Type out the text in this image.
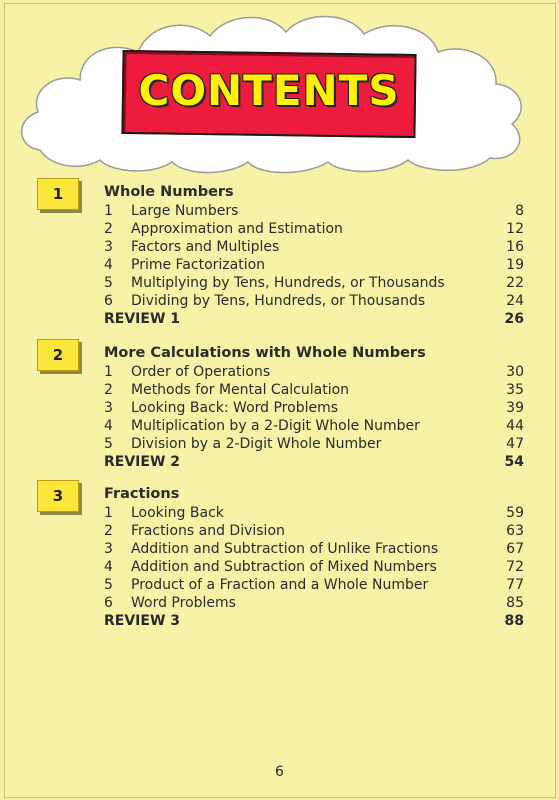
CONTENTS
1	Whole Numbers
1	Large Numbers	8
2	Approximation and Estimation	12
3	Factors and Multiples	16
4	Prime Factorization	19
5	Multiplying by Tens, Hundreds, or Thousands	22
6	Dividing by Tens, Hundreds, or Thousands	24
REVIEW 1	26
2	More Calculations with Whole Numbers
1	Order of Operations	30
2	Methods for Mental Calculation	35
3	Looking Back: Word Problems	39
4	Multiplication by a 2-Digit Whole Number	44
5	Division by a 2-Digit Whole Number	47
REVIEW 2	54
3	Fractions
1	Looking Back	59
2	Fractions and Division	63
3	Addition and Subtraction of Unlike Fractions	67
4	Addition and Subtraction of Mixed Numbers	72
5	Product of a Fraction and a Whole Number	77
6	Word Problems	85
REVIEW 3	88
6
